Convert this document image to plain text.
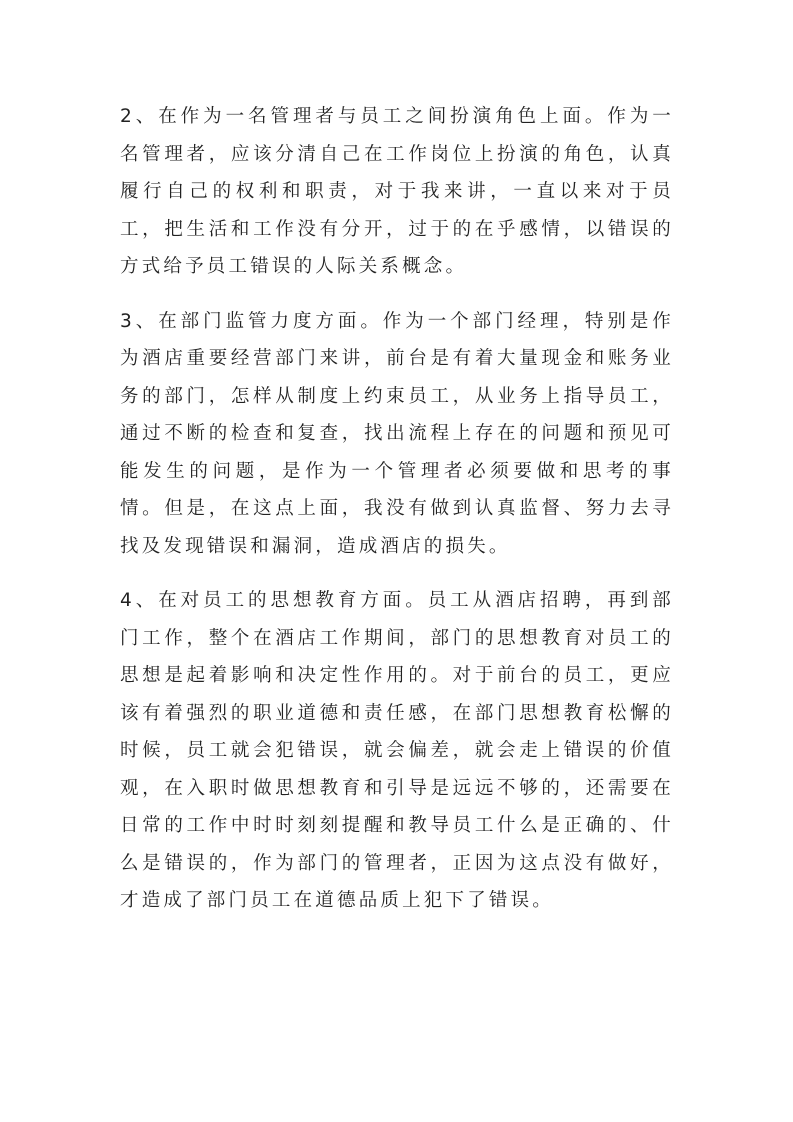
2、在作为一名管理者与员工之间扮演角色上面。作为一名管理者，应该分清自己在工作岗位上扮演的角色，认真履行自己的权利和职责，对于我来讲，一直以来对于员工，把生活和工作没有分开，过于的在乎感情，以错误的方式给予员工错误的人际关系概念。

3、在部门监管力度方面。作为一个部门经理，特别是作为酒店重要经营部门来讲，前台是有着大量现金和账务业务的部门，怎样从制度上约束员工，从业务上指导员工，通过不断的检查和复查，找出流程上存在的问题和预见可能发生的问题，是作为一个管理者必须要做和思考的事情。但是，在这点上面，我没有做到认真监督、努力去寻找及发现错误和漏洞，造成酒店的损失。

4、在对员工的思想教育方面。员工从酒店招聘，再到部门工作，整个在酒店工作期间，部门的思想教育对员工的思想是起着影响和决定性作用的。对于前台的员工，更应该有着强烈的职业道德和责任感，在部门思想教育松懈的时候，员工就会犯错误，就会偏差，就会走上错误的价值观，在入职时做思想教育和引导是远远不够的，还需要在日常的工作中时时刻刻提醒和教导员工什么是正确的、什么是错误的，作为部门的管理者，正因为这点没有做好，才造成了部门员工在道德品质上犯下了错误。
